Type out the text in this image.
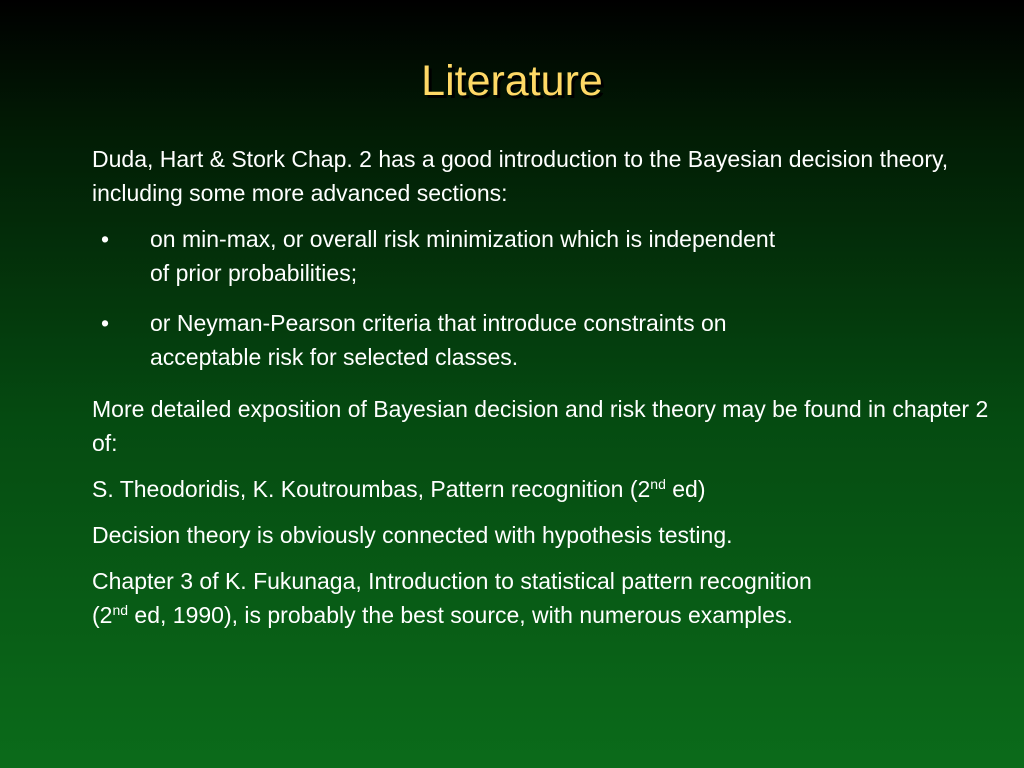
Literature

Duda, Hart & Stork Chap. 2 has a good introduction to the Bayesian decision theory, including some more advanced sections:

• on min-max, or overall risk minimization which is independent
of prior probabilities;
• or Neyman-Pearson criteria that introduce constraints on
acceptable risk for selected classes.

More detailed exposition of Bayesian decision and risk theory may be found in chapter 2 of:

S. Theodoridis, K. Koutroumbas, Pattern recognition (2nd ed)

Decision theory is obviously connected with hypothesis testing.

Chapter 3 of K. Fukunaga, Introduction to statistical pattern recognition
(2nd ed, 1990), is probably the best source, with numerous examples.
